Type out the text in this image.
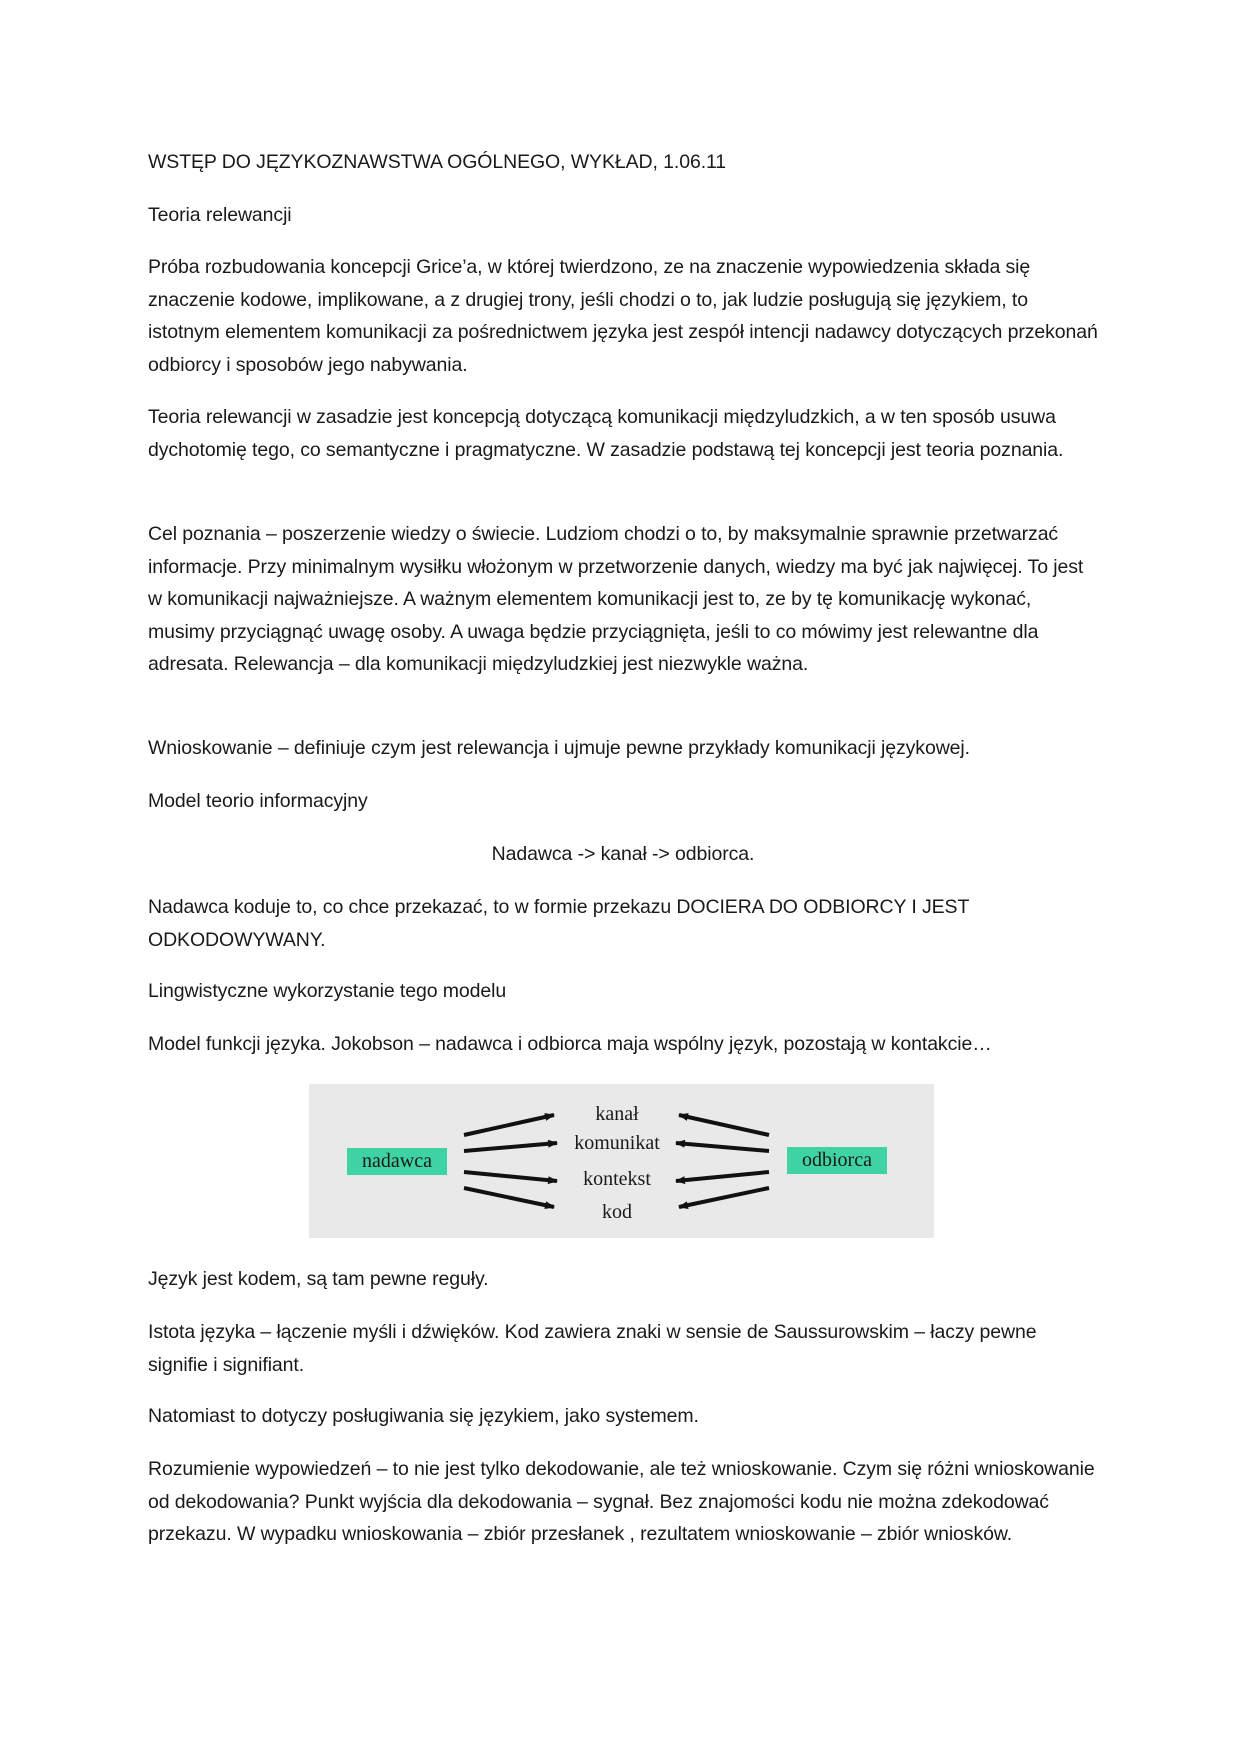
WSTĘP DO JĘZYKOZNAWSTWA OGÓLNEGO, WYKŁAD, 1.06.11

Teoria relewancji

Próba rozbudowania koncepcji Grice’a, w której twierdzono, ze na znaczenie wypowiedzenia składa się znaczenie kodowe, implikowane, a z drugiej trony, jeśli chodzi o to, jak ludzie posługują się językiem, to istotnym elementem komunikacji za pośrednictwem języka jest zespół intencji nadawcy dotyczących przekonań odbiorcy i sposobów jego nabywania.

Teoria relewancji w zasadzie jest koncepcją dotyczącą komunikacji międzyludzkich, a w ten sposób usuwa dychotomię tego, co semantyczne i pragmatyczne. W zasadzie podstawą tej koncepcji jest teoria poznania.

Cel poznania – poszerzenie wiedzy o świecie. Ludziom chodzi o to, by maksymalnie sprawnie przetwarzać informacje. Przy minimalnym wysiłku włożonym w przetworzenie danych, wiedzy ma być jak najwięcej. To jest w komunikacji najważniejsze. A ważnym elementem komunikacji jest to, ze by tę komunikację wykonać, musimy przyciągnąć uwagę osoby. A uwaga będzie przyciągnięta, jeśli to co mówimy jest relewantne dla adresata. Relewancja – dla komunikacji międzyludzkiej jest niezwykle ważna.

Wnioskowanie – definiuje czym jest relewancja i ujmuje pewne przykłady komunikacji językowej.

Model teorio informacyjny

Nadawca -> kanał -> odbiorca.

Nadawca koduje to, co chce przekazać, to w formie przekazu DOCIERA DO ODBIORCY I JEST ODKODOWYWANY.

Lingwistyczne wykorzystanie tego modelu

Model funkcji języka. Jokobson – nadawca i odbiorca maja wspólny język, pozostają w kontakcie…

nadawca	odbiorca
kanał
komunikat
kontekst
kod

Język jest kodem, są tam pewne reguły.

Istota języka – łączenie myśli i dźwięków. Kod zawiera znaki w sensie de Saussurowskim – łaczy pewne signifie i signifiant.

Natomiast to dotyczy posługiwania się językiem, jako systemem.

Rozumienie wypowiedzeń – to nie jest tylko dekodowanie, ale też wnioskowanie. Czym się różni wnioskowanie od dekodowania? Punkt wyjścia dla dekodowania – sygnał. Bez znajomości kodu nie można zdekodować przekazu. W wypadku wnioskowania – zbiór przesłanek , rezultatem wnioskowanie – zbiór wniosków.
